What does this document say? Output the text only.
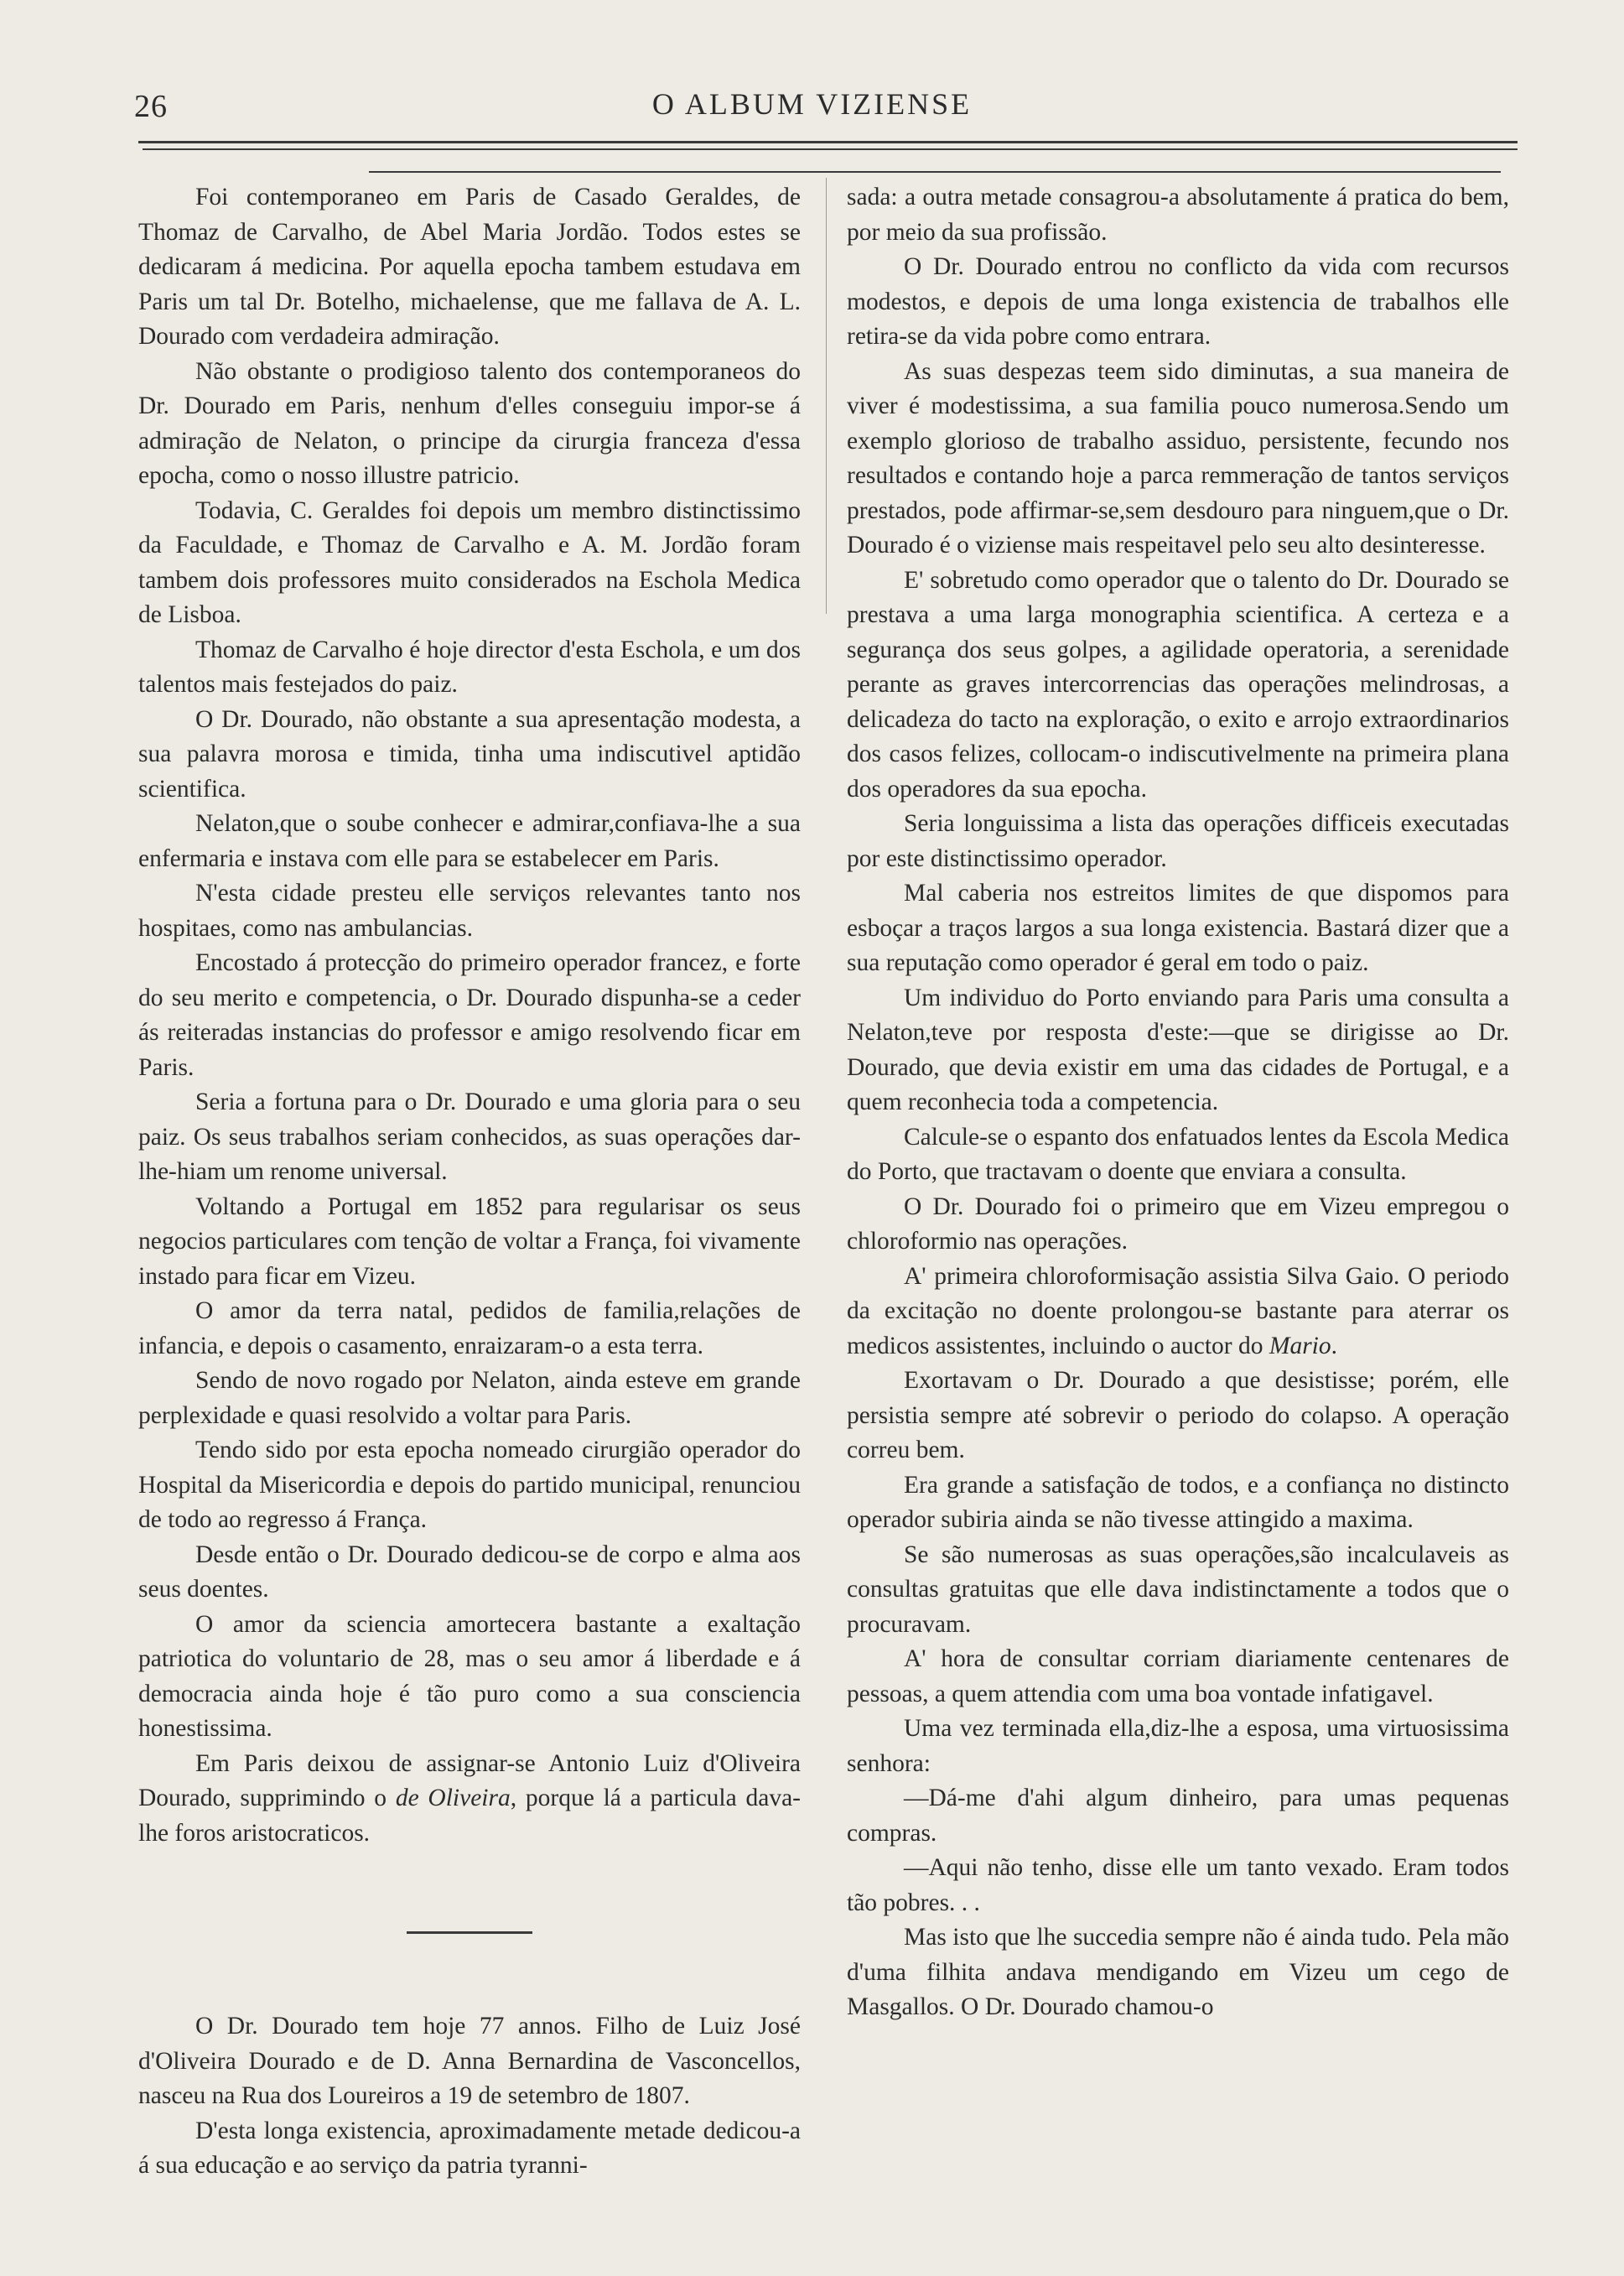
26	O ALBUM VIZIENSE

Foi contemporaneo em Paris de Casado Geraldes, de Thomaz de Carvalho, de Abel Maria Jordão. Todos estes se dedicaram á medicina. Por aquella epocha tambem estudava em Paris um tal Dr. Botelho, michaelense, que me fallava de A. L. Dourado com verdadeira admiração.

Não obstante o prodigioso talento dos contemporaneos do Dr. Dourado em Paris, nenhum d'elles conseguiu impor-se á admiração de Nelaton, o principe da cirurgia franceza d'essa epocha, como o nosso illustre patricio.

Todavia, C. Geraldes foi depois um membro distinctissimo da Faculdade, e Thomaz de Carvalho e A. M. Jordão foram tambem dois professores muito considerados na Eschola Medica de Lisboa.

Thomaz de Carvalho é hoje director d'esta Eschola, e um dos talentos mais festejados do paiz.

O Dr. Dourado, não obstante a sua apresentação modesta, a sua palavra morosa e timida, tinha uma indiscutivel aptidão scientifica.

Nelaton,que o soube conhecer e admirar,confiava-lhe a sua enfermaria e instava com elle para se estabelecer em Paris.

N'esta cidade presteu elle serviços relevantes tanto nos hospitaes, como nas ambulancias.

Encostado á protecção do primeiro operador francez, e forte do seu merito e competencia, o Dr. Dourado dispunha-se a ceder ás reiteradas instancias do professor e amigo resolvendo ficar em Paris.

Seria a fortuna para o Dr. Dourado e uma gloria para o seu paiz. Os seus trabalhos seriam conhecidos, as suas operações dar-lhe-hiam um renome universal.

Voltando a Portugal em 1852 para regularisar os seus negocios particulares com tenção de voltar a França, foi vivamente instado para ficar em Vizeu.

O amor da terra natal, pedidos de familia,relações de infancia, e depois o casamento, enraizaram-o a esta terra.

Sendo de novo rogado por Nelaton, ainda esteve em grande perplexidade e quasi resolvido a voltar para Paris.

Tendo sido por esta epocha nomeado cirurgião operador do Hospital da Misericordia e depois do partido municipal, renunciou de todo ao regresso á França.

Desde então o Dr. Dourado dedicou-se de corpo e alma aos seus doentes.

O amor da sciencia amortecera bastante a exaltação patriotica do voluntario de 28, mas o seu amor á liberdade e á democracia ainda hoje é tão puro como a sua consciencia honestissima.

Em Paris deixou de assignar-se Antonio Luiz d'Oliveira Dourado, supprimindo o de Oliveira, porque lá a particula dava-lhe foros aristocraticos.

O Dr. Dourado tem hoje 77 annos. Filho de Luiz José d'Oliveira Dourado e de D. Anna Bernardina de Vasconcellos, nasceu na Rua dos Loureiros a 19 de setembro de 1807.

D'esta longa existencia, aproximadamente metade dedicou-a á sua educação e ao serviço da patria tyranni-

sada: a outra metade consagrou-a absolutamente á pratica do bem, por meio da sua profissão.

O Dr. Dourado entrou no conflicto da vida com recursos modestos, e depois de uma longa existencia de trabalhos elle retira-se da vida pobre como entrara.

As suas despezas teem sido diminutas, a sua maneira de viver é modestissima, a sua familia pouco numerosa.Sendo um exemplo glorioso de trabalho assiduo, persistente, fecundo nos resultados e contando hoje a parca remmeração de tantos serviços prestados, pode affirmar-se,sem desdouro para ninguem,que o Dr. Dourado é o viziense mais respeitavel pelo seu alto desinteresse.

E' sobretudo como operador que o talento do Dr. Dourado se prestava a uma larga monographia scientifica. A certeza e a segurança dos seus golpes, a agilidade operatoria, a serenidade perante as graves intercorrencias das operações melindrosas, a delicadeza do tacto na exploração, o exito e arrojo extraordinarios dos casos felizes, collocam-o indiscutivelmente na primeira plana dos operadores da sua epocha.

Seria longuissima a lista das operações difficeis executadas por este distinctissimo operador.

Mal caberia nos estreitos limites de que dispomos para esboçar a traços largos a sua longa existencia. Bastará dizer que a sua reputação como operador é geral em todo o paiz.

Um individuo do Porto enviando para Paris uma consulta a Nelaton,teve por resposta d'este:—que se dirigisse ao Dr. Dourado, que devia existir em uma das cidades de Portugal, e a quem reconhecia toda a competencia.

Calcule-se o espanto dos enfatuados lentes da Escola Medica do Porto, que tractavam o doente que enviara a consulta.

O Dr. Dourado foi o primeiro que em Vizeu empregou o chloroformio nas operações.

A' primeira chloroformisação assistia Silva Gaio. O periodo da excitação no doente prolongou-se bastante para aterrar os medicos assistentes, incluindo o auctor do Mario.

Exortavam o Dr. Dourado a que desistisse; porém, elle persistia sempre até sobrevir o periodo do colapso. A operação correu bem.

Era grande a satisfação de todos, e a confiança no distincto operador subiria ainda se não tivesse attingido a maxima.

Se são numerosas as suas operações,são incalculaveis as consultas gratuitas que elle dava indistinctamente a todos que o procuravam.

A' hora de consultar corriam diariamente centenares de pessoas, a quem attendia com uma boa vontade infatigavel.

Uma vez terminada ella,diz-lhe a esposa, uma virtuosissima senhora:

—Dá-me d'ahi algum dinheiro, para umas pequenas compras.

—Aqui não tenho, disse elle um tanto vexado. Eram todos tão pobres. . .

Mas isto que lhe succedia sempre não é ainda tudo. Pela mão d'uma filhita andava mendigando em Vizeu um cego de Masgallos. O Dr. Dourado chamou-o
